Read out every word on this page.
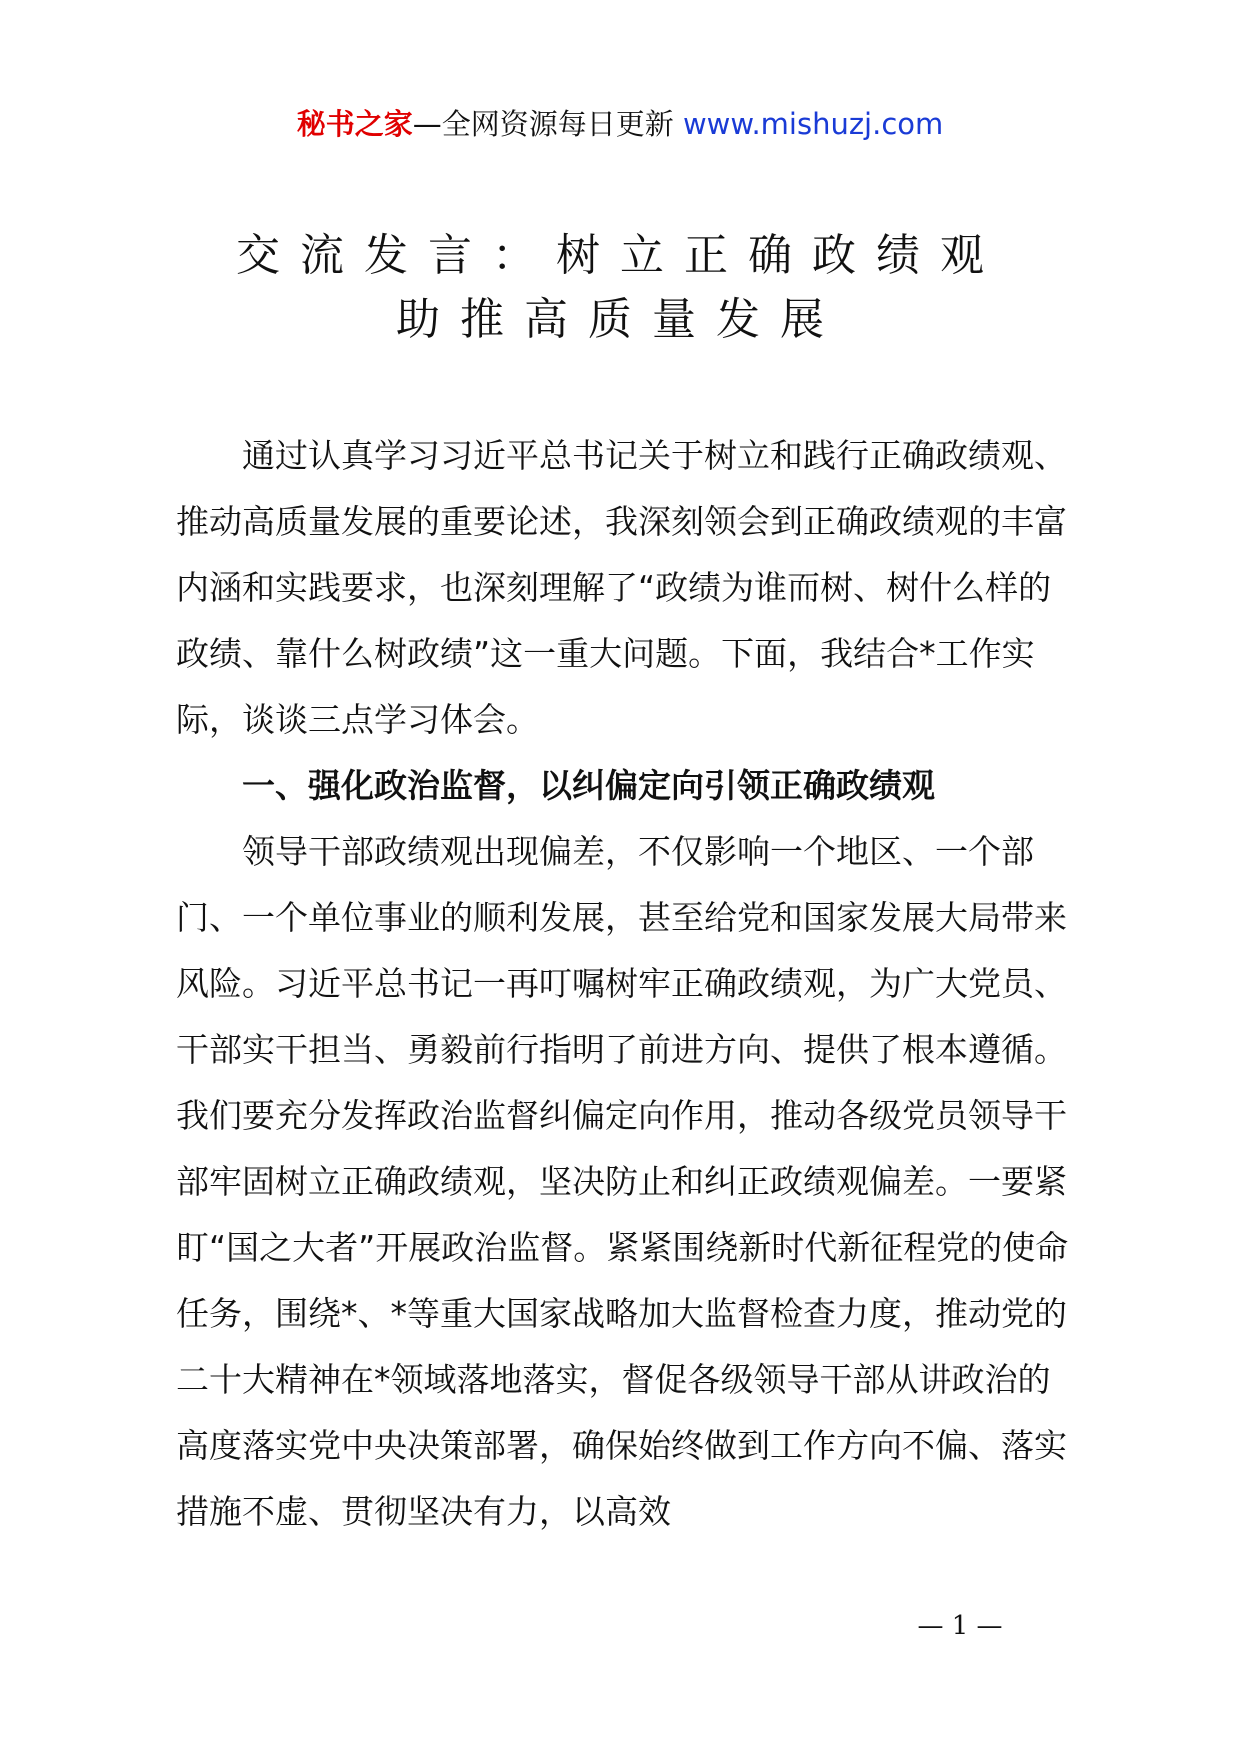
秘书之家—全网资源每日更新 www.mishuzj.com
交流发言：树立正确政绩观
助推高质量发展

通过认真学习习近平总书记关于树立和践行正确政绩观、推动高质量发展的重要论述，我深刻领会到正确政绩观的丰富内涵和实践要求，也深刻理解了“政绩为谁而树、树什么样的政绩、靠什么树政绩”这一重大问题。下面，我结合*工作实际，谈谈三点学习体会。

一、强化政治监督，以纠偏定向引领正确政绩观

领导干部政绩观出现偏差，不仅影响一个地区、一个部门、一个单位事业的顺利发展，甚至给党和国家发展大局带来风险。习近平总书记一再叮嘱树牢正确政绩观，为广大党员、干部实干担当、勇毅前行指明了前进方向、提供了根本遵循。我们要充分发挥政治监督纠偏定向作用，推动各级党员领导干部牢固树立正确政绩观，坚决防止和纠正政绩观偏差。一要紧盯“国之大者”开展政治监督。紧紧围绕新时代新征程党的使命任务，围绕*、*等重大国家战略加大监督检查力度，推动党的二十大精神在*领域落地落实，督促各级领导干部从讲政治的高度落实党中央决策部署，确保始终做到工作方向不偏、落实措施不虚、贯彻坚决有力，以高效

— 1 —
